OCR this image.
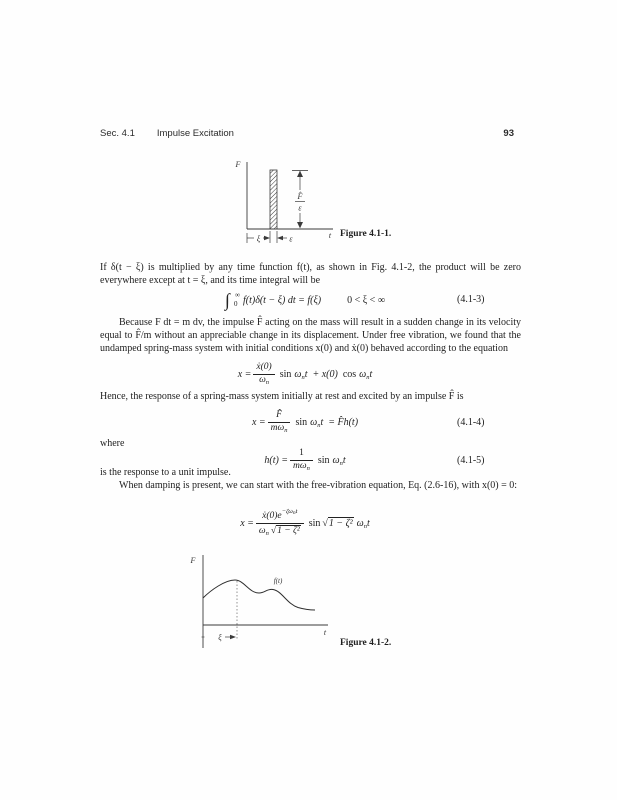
Sec. 4.1 Impulse Excitation	93
F
t
F̂
ε
ξ	ε	Figure 4.1-1.

If δ(t − ξ) is multiplied by any time function f(t), as shown in Fig. 4.1-2, the product will be zero everywhere except at t = ξ, and its time integral will be

∫ ∞
0 f(t)δ(t − ξ) dt = f(ξ)	0 < ξ < ∞	(4.1-3)

Because F dt = m dv, the impulse F̂ acting on the mass will result in a sudden change in its velocity equal to F̂/m without an appreciable change in its displacement. Under free vibration, we found that the undamped spring-mass system with initial conditions x(0) and ẋ(0) behaved according to the equation

$x = \frac{\text{ẋ(0)}}{\omega_n}$ $\sin \omega_nt + x(0)$ $\cos \omega_nt$

Hence, the response of a spring-mass system initially at rest and excited by an impulse F̂ is

$x = \frac{F̂}{m\omega_n}$ $\sin \omega_nt$ = F̂h(t)	(4.1-4)

where

$h(t) = \frac{1}{m\omega_n}$ $\sin \omega_nt$	(4.1-5)

is the response to a unit impulse.

When damping is present, we can start with the free-vibration equation, Eq. (2.6-16), with x(0) = 0:

$x = \frac{ẋ(0)e^{-\zeta\omega_nt}}{\omega_n √1 - \zeta^2}$ sin √1 − ζ² $\omega_nt$
F
t
f(t)
ξ
Figure 4.1-2.
